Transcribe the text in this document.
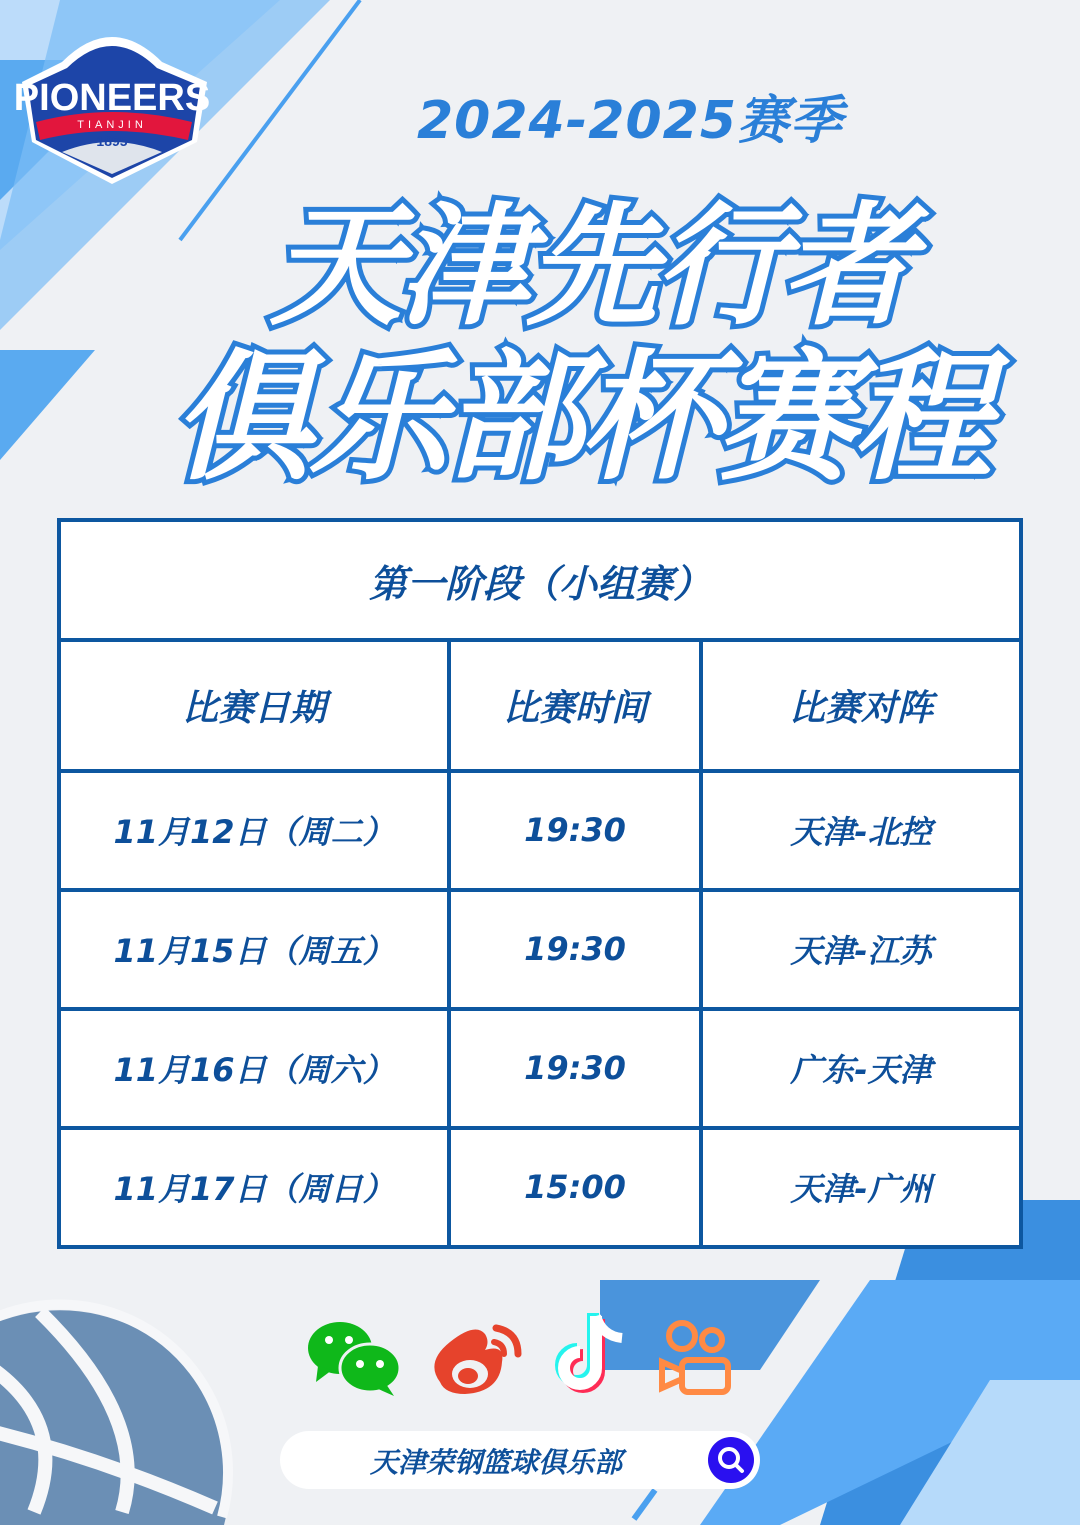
PIONEERS
TIANJIN
1895	2024-2025赛季
天津先行者
俱乐部杯赛程
第一阶段（小组赛）		
比赛日期	比赛时间	比赛对阵
11月12日（周二）	19:30	天津-北控
11月15日（周五）	19:30	天津-江苏
11月16日（周六）	19:30	广东-天津
11月17日（周日）	15:00	天津-广州
天津荣钢篮球俱乐部
